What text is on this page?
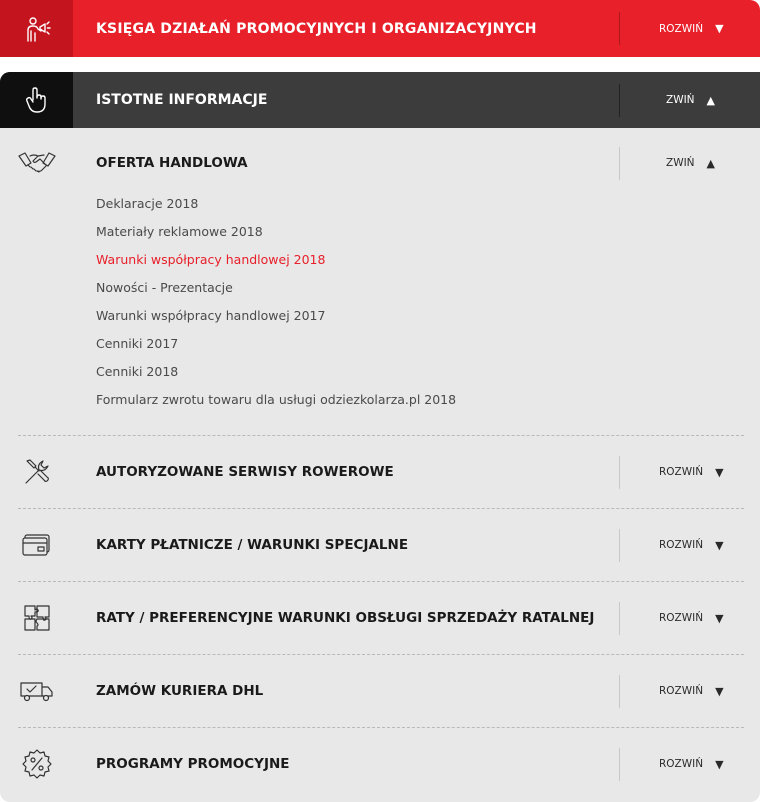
KSIĘGA DZIAŁAŃ PROMOCYJNYCH I ORGANIZACYJNYCH	ROZWIŃ ▼
ISTOTNE INFORMACJE	ZWIŃ ▲
OFERTA HANDLOWA	ZWIŃ ▲
Deklaracje 2018
Materiały reklamowe 2018
Warunki współpracy handlowej 2018
Nowości - Prezentacje
Warunki współpracy handlowej 2017
Cenniki 2017
Cenniki 2018
Formularz zwrotu towaru dla usługi odziezkolarza.pl 2018
AUTORYZOWANE SERWISY ROWEROWE	ROZWIŃ ▼
KARTY PŁATNICZE / WARUNKI SPECJALNE	ROZWIŃ ▼
RATY / PREFERENCYJNE WARUNKI OBSŁUGI SPRZEDAŻY RATALNEJ	ROZWIŃ ▼
ZAMÓW KURIERA DHL	ROZWIŃ ▼
PROGRAMY PROMOCYJNE	ROZWIŃ ▼
